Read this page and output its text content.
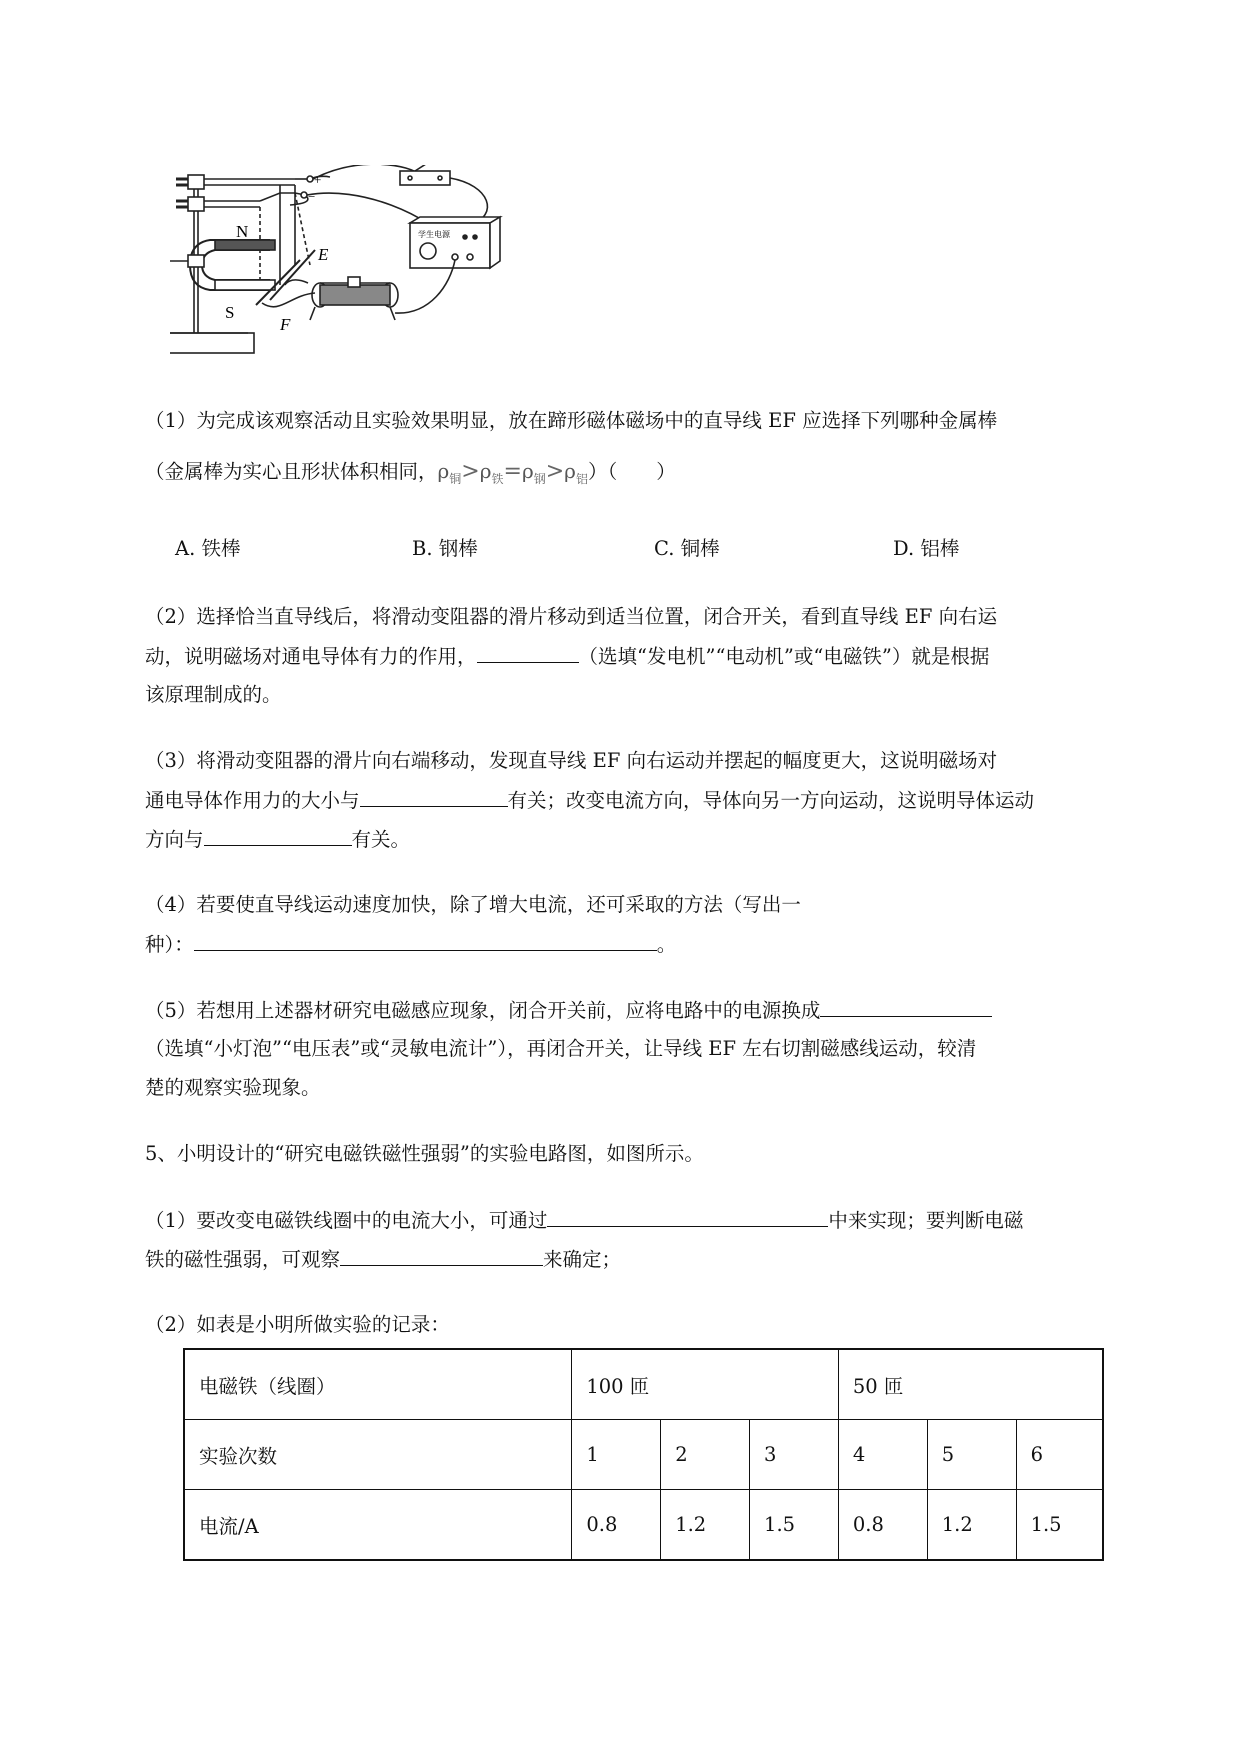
N
S
E
F
+
−
学生电源
（1）为完成该观察活动且实验效果明显，放在蹄形磁体磁场中的直导线 EF 应选择下列哪种金属棒
（金属棒为实心且形状体积相同，$\rho_铜>\rho_铁=\rho_钢>\rho_铝$）（　　）
A. 铁棒	B. 钢棒	C. 铜棒	D. 铝棒
（2）选择恰当直导线后，将滑动变阻器的滑片移动到适当位置，闭合开关，看到直导线 EF 向右运
动，说明磁场对通电导体有力的作用，	（选填“发电机”“电动机”或“电磁铁”）就是根据
该原理制成的。
（3）将滑动变阻器的滑片向右端移动，发现直导线 EF 向右运动并摆起的幅度更大，这说明磁场对
通电导体作用力的大小与	有关；改变电流方向，导体向另一方向运动，这说明导体运动
方向与	有关。
（4）若要使直导线运动速度加快，除了增大电流，还可采取的方法（写出一
种）：	。
（5）若想用上述器材研究电磁感应现象，闭合开关前，应将电路中的电源换成
（选填“小灯泡”“电压表”或“灵敏电流计”），再闭合开关，让导线 EF 左右切割磁感线运动，较清
楚的观察实验现象。
5、小明设计的“研究电磁铁磁性强弱”的实验电路图，如图所示。
（1）要改变电磁铁线圈中的电流大小，可通过	中来实现；要判断电磁
铁的磁性强弱，可观察	来确定；
（2）如表是小明所做实验的记录：
电磁铁（线圈）	100 匝			50 匝		
实验次数	1	2	3	4	5	6
电流/A	0.8	1.2	1.5	0.8	1.2	1.5
